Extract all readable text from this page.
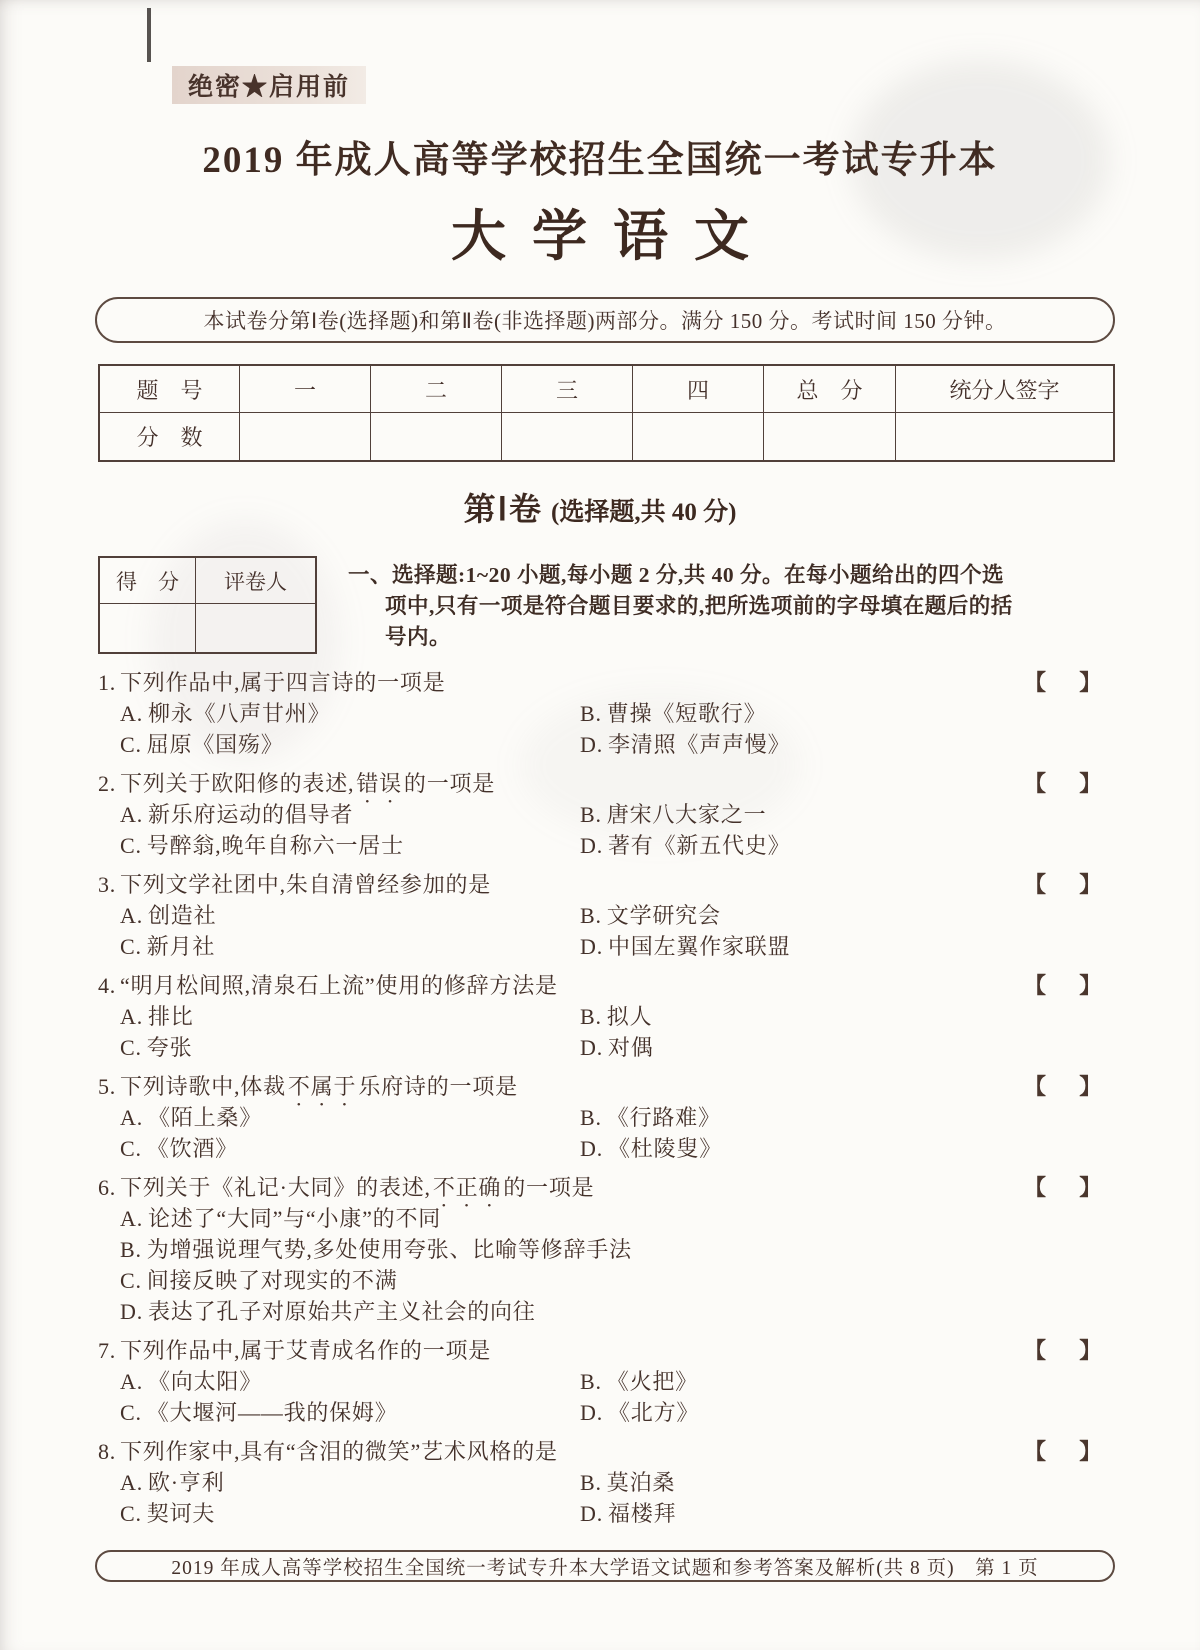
绝密★启用前
2019 年成人高等学校招生全国统一考试专升本
大学语文
本试卷分第Ⅰ卷(选择题)和第Ⅱ卷(非选择题)两部分。满分 150 分。考试时间 150 分钟。
题　号	一	二	三	四	总　分	统分人签字
分　数
第Ⅰ卷 (选择题,共 40 分)
得　分	评卷人	一、选择题:1~20 小题,每小题 2 分,共 40 分。在每小题给出的四个选
项中,只有一项是符合题目要求的,把所选项前的字母填在题后的括
号内。
1. 下列作品中,属于四言诗的一项是	【 】
A. 柳永《八声甘州》	B. 曹操《短歌行》
C. 屈原《国殇》	D. 李清照《声声慢》
2. 下列关于欧阳修的表述,错误的一项是	【 】
A. 新乐府运动的倡导者	B. 唐宋八大家之一
C. 号醉翁,晚年自称六一居士	D. 著有《新五代史》
3. 下列文学社团中,朱自清曾经参加的是	【 】
A. 创造社	B. 文学研究会
C. 新月社	D. 中国左翼作家联盟
4. “明月松间照,清泉石上流”使用的修辞方法是	【 】
A. 排比	B. 拟人
C. 夸张	D. 对偶
5. 下列诗歌中,体裁不属于乐府诗的一项是	【 】
A. 《陌上桑》	B. 《行路难》
C. 《饮酒》	D. 《杜陵叟》
6. 下列关于《礼记·大同》的表述,不正确的一项是	【 】
A. 论述了“大同”与“小康”的不同
B. 为增强说理气势,多处使用夸张、比喻等修辞手法
C. 间接反映了对现实的不满
D. 表达了孔子对原始共产主义社会的向往
7. 下列作品中,属于艾青成名作的一项是	【 】
A. 《向太阳》	B. 《火把》
C. 《大堰河——我的保姆》	D. 《北方》
8. 下列作家中,具有“含泪的微笑”艺术风格的是	【 】
A. 欧·亨利	B. 莫泊桑
C. 契诃夫	D. 福楼拜
2019 年成人高等学校招生全国统一考试专升本大学语文试题和参考答案及解析(共 8 页)　第 1 页
